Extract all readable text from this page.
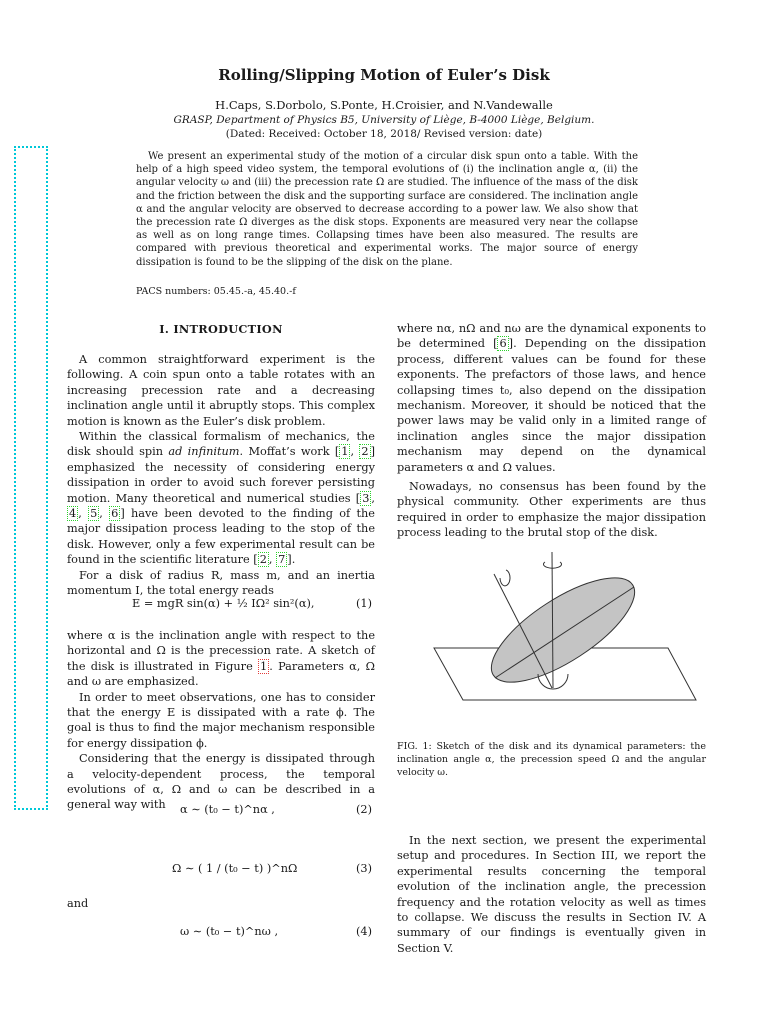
Rolling/Slipping Motion of Euler’s Disk
H.Caps, S.Dorbolo, S.Ponte, H.Croisier, and N.Vandewalle
GRASP, Department of Physics B5, University of Liège, B-4000 Liège, Belgium.
(Dated: Received: October 18, 2018/ Revised version: date)
We present an experimental study of the motion of a circular disk spun onto a table. With the help of a high speed video system, the temporal evolutions of (i) the inclination angle α, (ii) the angular velocity ω and (iii) the precession rate Ω are studied. The influence of the mass of the disk and the friction between the disk and the supporting surface are considered. The inclination angle α and the angular velocity are observed to decrease according to a power law. We also show that the precession rate Ω diverges as the disk stops. Exponents are measured very near the collapse as well as on long range times. Collapsing times have been also measured. The results are compared with previous theoretical and experimental works. The major source of energy dissipation is found to be the slipping of the disk on the plane.
PACS numbers: 05.45.-a, 45.40.-f
I. INTRODUCTION

A common straightforward experiment is the following. A coin spun onto a table rotates with an increasing precession rate and a decreasing inclination angle until it abruptly stops. This complex motion is known as the Euler’s disk problem.

Within the classical formalism of mechanics, the disk should spin ad infinitum. Moffat’s work [ 1 , 2 ] emphasized the necessity of considering energy dissipation in order to avoid such forever persisting motion. Many theoretical and numerical studies [ 3 , 4 , 5 , 6 ] have been devoted to the finding of the major dissipation process leading to the stop of the disk. However, only a few experimental result can be found in the scientific literature [ 2 , 7 ].

For a disk of radius R, mass m, and an inertia momentum I, the total energy reads

E = mgR sin(α) + ½ IΩ² sin²(α),	(1)

where α is the inclination angle with respect to the horizontal and Ω is the precession rate. A sketch of the disk is illustrated in Figure 1 . Parameters α, Ω and ω are emphasized.

In order to meet observations, one has to consider that the energy E is dissipated with a rate ϕ. The goal is thus to find the major mechanism responsible for energy dissipation ϕ.

Considering that the energy is dissipated through a velocity-dependent process, the temporal evolutions of α, Ω and ω can be described in a general way with	α ∼ (t₀ − t)^nα ,	(2)
Ω ∼ ( 1 / (t₀ − t) )^nΩ	(3)
and
ω ∼ (t₀ − t)^nω ,	(4)

where nα, nΩ and nω are the dynamical exponents to be determined [ 6 ]. Depending on the dissipation process, different values can be found for these exponents. The prefactors of those laws, and hence collapsing times t₀, also depend on the dissipation mechanism. Moreover, it should be noticed that the power laws may be valid only in a limited range of inclination angles since the major dissipation mechanism may depend on the dynamical parameters α and Ω values.

Nowadays, no consensus has been found by the physical community. Other experiments are thus required in order to emphasize the major dissipation process leading to the brutal stop of the disk.

FIG. 1: Sketch of the disk and its dynamical parameters: the inclination angle α, the precession speed Ω and the angular velocity ω.

In the next section, we present the experimental setup and procedures. In Section III, we report the experimental results concerning the temporal evolution of the inclination angle, the precession frequency and the rotation velocity as well as times to collapse. We discuss the results in Section IV. A summary of our findings is eventually given in Section V.
